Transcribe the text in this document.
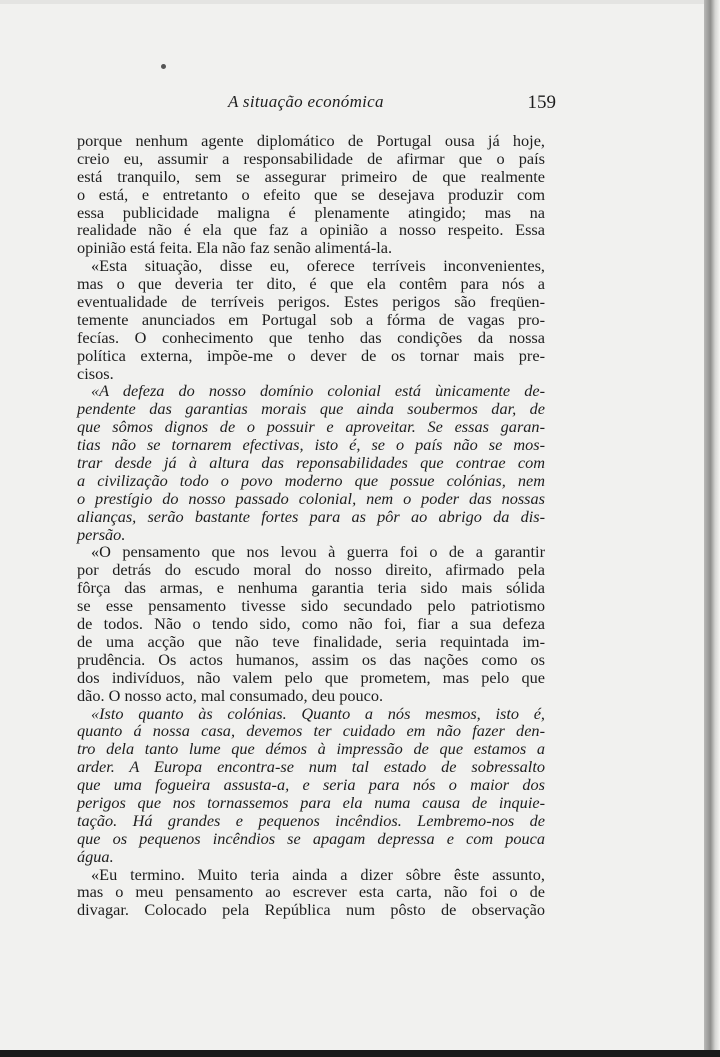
A situação económica	159
porque nenhum agente diplomático de Portugal ousa já hoje,
creio eu, assumir a responsabilidade de afirmar que o país
está tranquilo, sem se assegurar primeiro de que realmente
o está, e entretanto o efeito que se desejava produzir com
essa publicidade maligna é plenamente atingido; mas na
realidade não é ela que faz a opinião a nosso respeito. Essa
opinião está feita. Ela não faz senão alimentá-la.
«Esta situação, disse eu, oferece terríveis inconvenientes,
mas o que deveria ter dito, é que ela contêm para nós a
eventualidade de terríveis perigos. Estes perigos são freqüen-
temente anunciados em Portugal sob a fórma de vagas pro-
fecías. O conhecimento que tenho das condições da nossa
política externa, impõe-me o dever de os tornar mais pre-
cisos.
«A defeza do nosso domínio colonial está ùnicamente de-
pendente das garantias morais que ainda soubermos dar, de
que sômos dignos de o possuir e aproveitar. Se essas garan-
tias não se tornarem efectivas, isto é, se o país não se mos-
trar desde já à altura das reponsabilidades que contrae com
a civilização todo o povo moderno que possue colónias, nem
o prestígio do nosso passado colonial, nem o poder das nossas
alianças, serão bastante fortes para as pôr ao abrigo da dis-
persão.
«O pensamento que nos levou à guerra foi o de a garantir
por detrás do escudo moral do nosso direito, afirmado pela
fôrça das armas, e nenhuma garantia teria sido mais sólida
se esse pensamento tivesse sido secundado pelo patriotismo
de todos. Não o tendo sido, como não foi, fiar a sua defeza
de uma acção que não teve finalidade, seria requintada im-
prudência. Os actos humanos, assim os das nações como os
dos indivíduos, não valem pelo que prometem, mas pelo que
dão. O nosso acto, mal consumado, deu pouco.
«Isto quanto às colónias. Quanto a nós mesmos, isto é,
quanto á nossa casa, devemos ter cuidado em não fazer den-
tro dela tanto lume que démos à impressão de que estamos a
arder. A Europa encontra-se num tal estado de sobressalto
que uma fogueira assusta-a, e seria para nós o maior dos
perigos que nos tornassemos para ela numa causa de inquie-
tação. Há grandes e pequenos incêndios. Lembremo-nos de
que os pequenos incêndios se apagam depressa e com pouca
água.
«Eu termino. Muito teria ainda a dizer sôbre êste assunto,
mas o meu pensamento ao escrever esta carta, não foi o de
divagar. Colocado pela República num pôsto de observação
